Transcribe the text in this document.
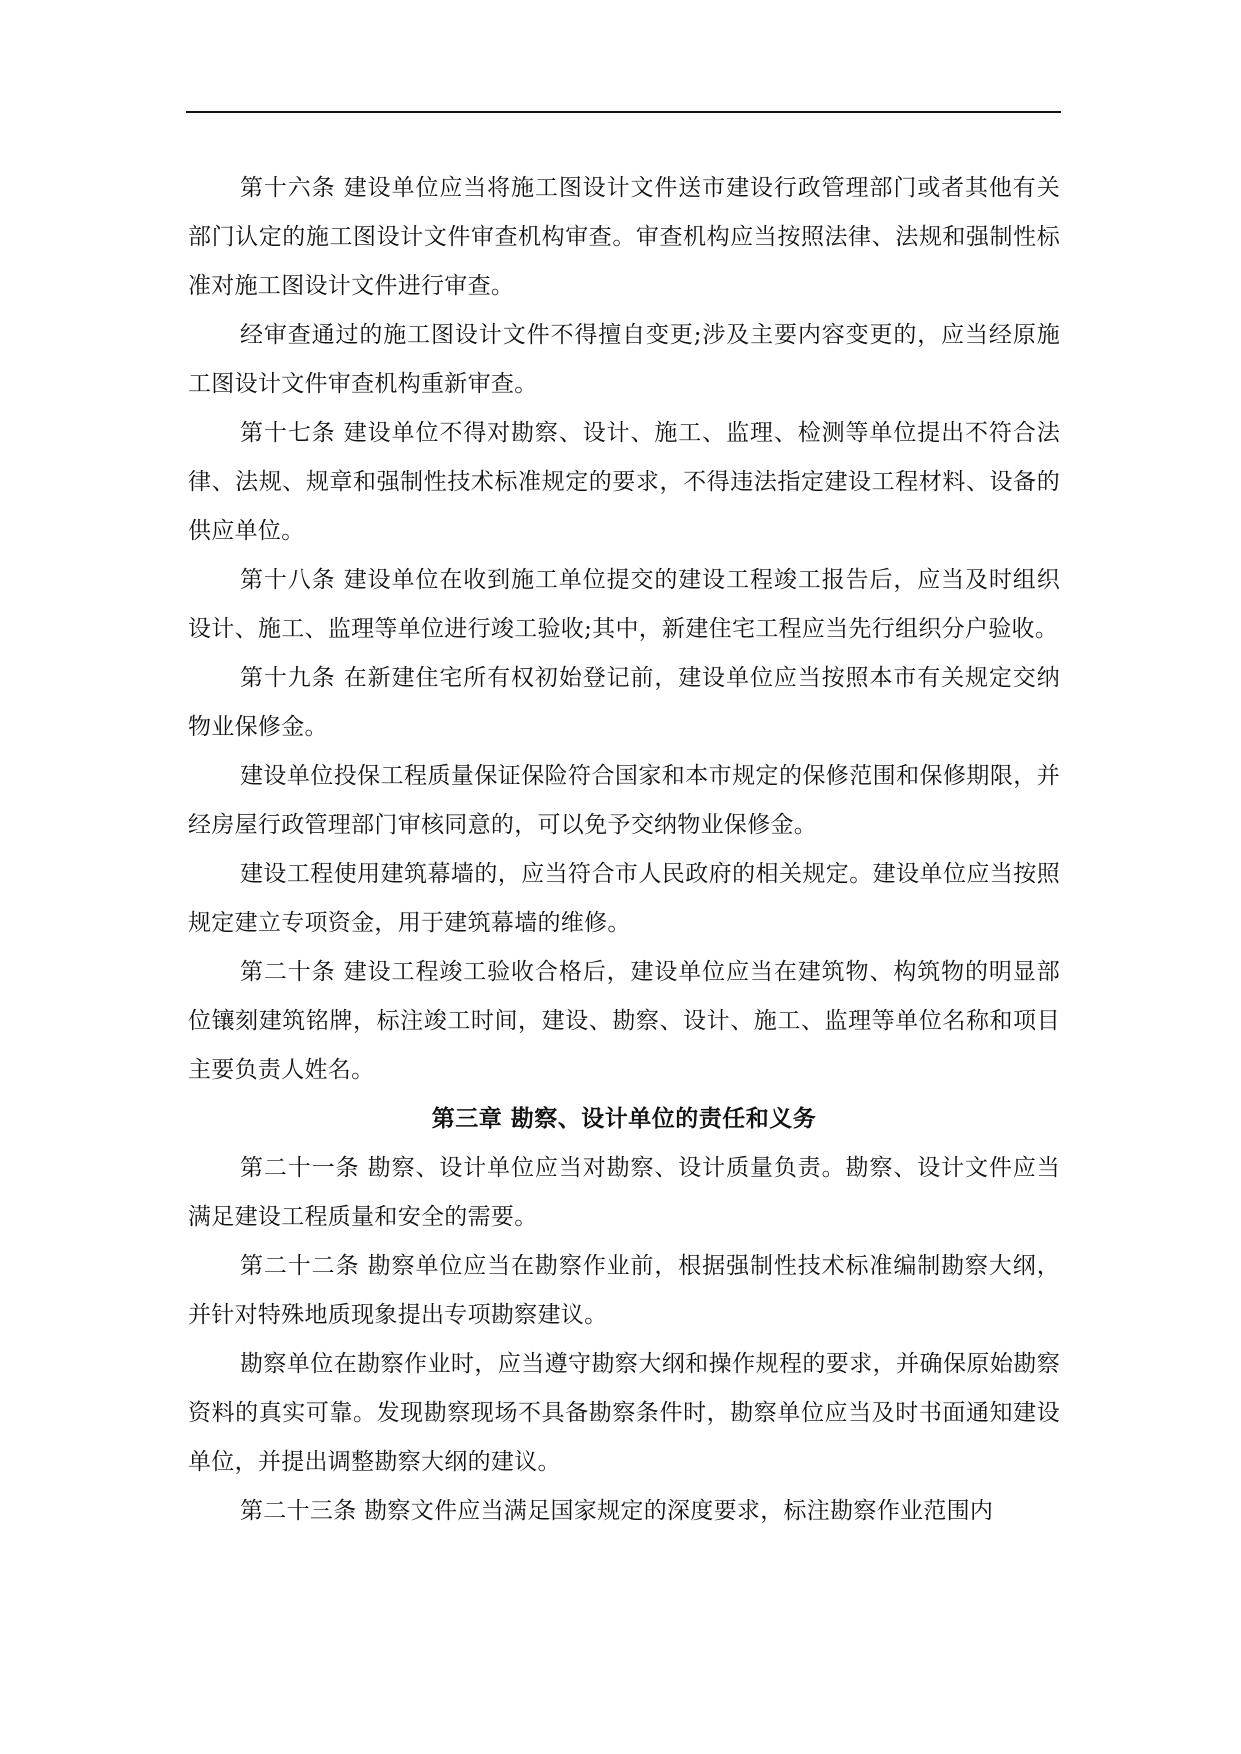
第十六条 建设单位应当将施工图设计文件送市建设行政管理部门或者其他有关部门认定的施工图设计文件审查机构审查。审查机构应当按照法律、法规和强制性标准对施工图设计文件进行审查。

经审查通过的施工图设计文件不得擅自变更;涉及主要内容变更的，应当经原施工图设计文件审查机构重新审查。

第十七条 建设单位不得对勘察、设计、施工、监理、检测等单位提出不符合法律、法规、规章和强制性技术标准规定的要求，不得违法指定建设工程材料、设备的供应单位。

第十八条 建设单位在收到施工单位提交的建设工程竣工报告后，应当及时组织设计、施工、监理等单位进行竣工验收;其中，新建住宅工程应当先行组织分户验收。

第十九条 在新建住宅所有权初始登记前，建设单位应当按照本市有关规定交纳物业保修金。

建设单位投保工程质量保证保险符合国家和本市规定的保修范围和保修期限，并经房屋行政管理部门审核同意的，可以免予交纳物业保修金。

建设工程使用建筑幕墙的，应当符合市人民政府的相关规定。建设单位应当按照规定建立专项资金，用于建筑幕墙的维修。

第二十条 建设工程竣工验收合格后，建设单位应当在建筑物、构筑物的明显部位镶刻建筑铭牌，标注竣工时间，建设、勘察、设计、施工、监理等单位名称和项目主要负责人姓名。

第三章 勘察、设计单位的责任和义务

第二十一条 勘察、设计单位应当对勘察、设计质量负责。勘察、设计文件应当满足建设工程质量和安全的需要。

第二十二条 勘察单位应当在勘察作业前，根据强制性技术标准编制勘察大纲，并针对特殊地质现象提出专项勘察建议。

勘察单位在勘察作业时，应当遵守勘察大纲和操作规程的要求，并确保原始勘察资料的真实可靠。发现勘察现场不具备勘察条件时，勘察单位应当及时书面通知建设单位，并提出调整勘察大纲的建议。

第二十三条 勘察文件应当满足国家规定的深度要求，标注勘察作业范围内
